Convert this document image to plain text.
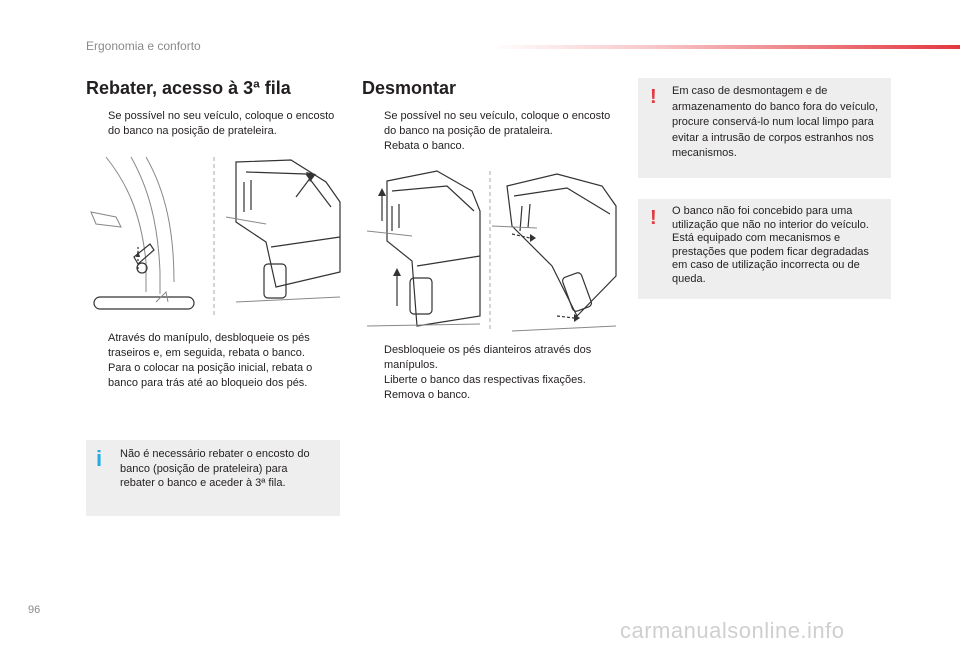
Ergonomia e conforto
Rebater, acesso à 3ª fila
Se possível no seu veículo, coloque o encosto do banco na posição de prateleira.
Através do manípulo, desbloqueie os pés traseiros e, em seguida, rebata o banco.
Para o colocar na posição inicial, rebata o banco para trás até ao bloqueio dos pés.
i Não é necessário rebater o encosto do banco (posição de prateleira) para rebater o banco e aceder à 3ª fila.
Desmontar
Se possível no seu veículo, coloque o encosto do banco na posição de prataleira.
Rebata o banco.
Desbloqueie os pés dianteiros através dos manípulos.
Liberte o banco das respectivas fixações.
Remova o banco.
! Em caso de desmontagem e de armazenamento do banco fora do veículo, procure conservá-lo num local limpo para evitar a intrusão de corpos estranhos nos mecanismos.
! O banco não foi concebido para uma utilização que não no interior do veículo. Está equipado com mecanismos e prestações que podem ficar degradadas em caso de utilização incorrecta ou de queda.
96
carmanualsonline.info
